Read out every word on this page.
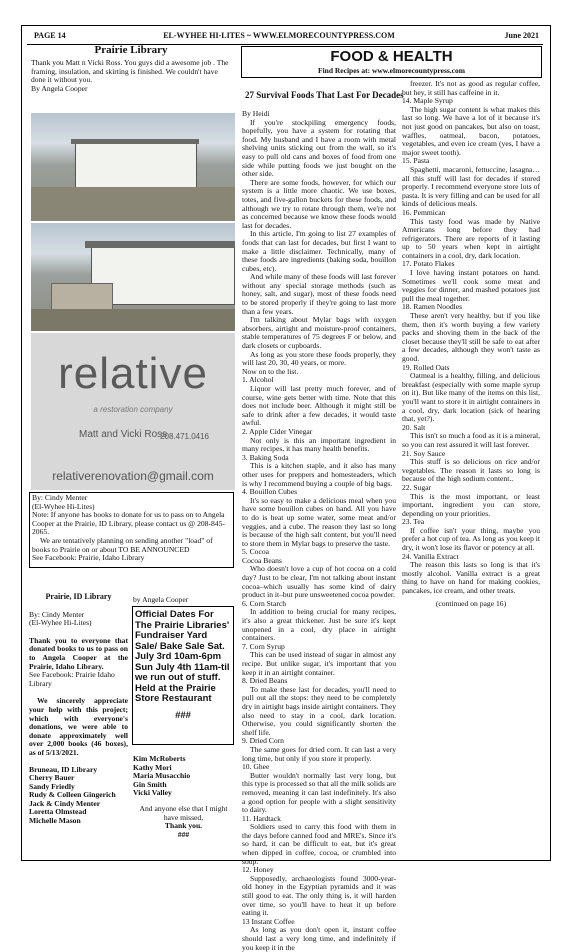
PAGE 14	EL-WYHEE HI-LITES ~ WWW.ELMORECOUNTYPRESS.COM	June 2021
Prairie Library

Thank you Matt n Vicki Ross. You guys did a awesome job . The framing, insulation, and skirting is finished. We couldn't have done it without you.

By Angela Cooper

relative
a restoration company
Matt and Vicki Ross
208.471.0416
relativerenovation@gmail.com

By: Cindy Menter

(El-Wyhee Hi-Lites)

Note: If anyone has books to donate for us to pass on to Angela Cooper at the Prairie, ID Library, please contact us @ 208-845-2065.

We are tentatively planning on sending another "load" of books to Prairie on or about TO BE ANNOUNCED

See Facebook: Prairie, Idaho Library

Prairie, ID Library

By: Cindy Menter

(El-Wyhee Hi-Lites)

Thank you to everyone that donated books to us to pass on to Angela Cooper at the Prairie, Idaho Library.

See Facebook: Prairie Idaho Library

We sincerely appreciate your help with this project; which with everyone's donations, we were able to donate approximately well over 2,000 books (46 boxes), as of 5/13/2021.

Bruneau, ID Library

Cherry Bauer

Sandy Friedly

Rudy & Colleen Gingerich

Jack & Cindy Menter

Loretta Olmstead

Michelle Mason

by Angela Cooper

Official Dates For The Prairie Libraries' Fundraiser Yard Sale/ Bake Sale Sat. July 3rd 10am-6pm Sun July 4th 11am-til we run out of stuff. Held at the Prairie Store Restaurant

###

Kim McRoberts

Kathy Mori

Maria Musacchio

Gin Smith

Vicki Valley

And anyone else that I might have missed,

Thank you.

###

FOOD & HEALTH
Find Recipes at: www.elmorecountypress.com
27 Survival Foods That Last For Decades

By Heidi

If you're stockpiling emergency foods, hopefully, you have a system for rotating that food. My husband and I have a room with metal shelving units sticking out from the wall, so it's easy to pull old cans and boxes of food from one side while putting foods we just bought on the other side.

There are some foods, however, for which our system is a little more chaotic. We use boxes, totes, and five-gallon buckets for these foods, and although we try to rotate through them, we're not as concerned because we know these foods would last for decades.

In this article, I'm going to list 27 examples of foods that can last for decades, but first I want to make a little disclaimer. Technically, many of these foods are ingredients (baking soda, bouillon cubes, etc).

And while many of these foods will last forever without any special storage methods (such as honey, salt, and sugar), most of these foods need to be stored properly if they're going to last more than a few years.

I'm talking about Mylar bags with oxygen absorbers, airtight and moisture-proof containers, stable temperatures of 75 degrees F or below, and dark closets or cupboards.

As long as you store these foods properly, they will last 20, 30, 40 years, or more.

Now on to the list.

1. Alcohol

Liquor will last pretty much forever, and of course, wine gets better with time. Note that this does not include beer. Although it might still be safe to drink after a few decades, it would taste awful.

2. Apple Cider Vinegar

Not only is this an important ingredient in many recipes, it has many health benefits.

3. Baking Soda

This is a kitchen staple, and it also has many other uses for preppers and homesteaders, which is why I recommend buying a couple of big bags.

4. Bouillon Cubes

It's so easy to make a delicious meal when you have some bouillon cubes on hand. All you have to do is heat up some water, some meat and/or veggies, and a cube. The reason they last so long is because of the high salt content, but you'll need to store them in Mylar bags to preserve the taste.

5. Cocoa

Cocoa Beans

Who doesn't love a cup of hot cocoa on a cold day? Just to be clear, I'm not talking about instant cocoa–which usually has some kind of dairy product in it–but pure unsweetened cocoa powder.

6. Corn Starch

In addition to being crucial for many recipes, it's also a great thickener. Just be sure it's kept unopened in a cool, dry place in airtight containers.

7. Corn Syrup

This can be used instead of sugar in almost any recipe. But unlike sugar, it's important that you keep it in an airtight container.

8. Dried Beans

To make these last for decades, you'll need to pull out all the stops: they need to be completely dry in airtight bags inside airtight containers. They also need to stay in a cool, dark location. Otherwise, you could significantly shorten the shelf life.

9. Dried Corn

The same goes for dried corn. It can last a very long time, but only if you store it properly.

10. Ghee

Butter wouldn't normally last very long, but this type is processed so that all the milk solids are removed, meaning it can last indefinitely. It's also a good option for people with a slight sensitivity to dairy.

11. Hardtack

Soldiers used to carry this food with them in the days before canned food and MRE's. Since it's so hard, it can be difficult to eat, but it's great when dipped in coffee, cocoa, or crumbled into soup.

12. Honey

Supposedly, archaeologists found 3000-year-old honey in the Egyptian pyramids and it was still good to eat. The only thing is, it will harden over time, so you'll have to heat it up before eating it.

13 Instant Coffee

As long as you don't open it, instant coffee should last a very long time, and indefinitely if you keep it in the

freezer. It's not as good as regular coffee, but hey, it still has caffeine in it.

14. Maple Syrup

The high sugar content is what makes this last so long. We have a lot of it because it's not just good on pancakes, but also on toast, waffles, oatmeal, bacon, potatoes, vegetables, and even ice cream (yes, I have a major sweet tooth).

15. Pasta

Spaghetti, macaroni, fettuccine, lasagna… all this stuff will last for decades if stored properly. I recommend everyone store lots of pasta. It is very filling and can be used for all kinds of delicious meals.

16. Pemmican

This tasty food was made by Native Americans long before they had refrigerators. There are reports of it lasting up to 50 years when kept in airtight containers in a cool, dry, dark location.

17. Potato Flakes

I love having instant potatoes on hand. Sometimes we'll cook some meat and veggies for dinner, and mashed potatoes just pull the meal together.

18. Ramen Noodles

These aren't very healthy, but if you like them, then it's worth buying a few variety packs and shoving them in the back of the closet because they'll still be safe to eat after a few decades, although they won't taste as good.

19. Rolled Oats

Oatmeal is a healthy, filling, and delicious breakfast (especially with some maple syrup on it). But like many of the items on this list, you'll want to store it in airtight containers in a cool, dry, dark location (sick of hearing that, yet?).

20. Salt

This isn't so much a food as it is a mineral, so you can rest assured it will last forever.

21. Soy Sauce

This stuff is so delicious on rice and/or vegetables. The reason it lasts so long is because of the high sodium content..

22. Sugar

This is the most important, or least important, ingredient you can store, depending on your priorities.

23. Tea

If coffee isn't your thing, maybe you prefer a hot cup of tea. As long as you keep it dry, it won't lose its flavor or potency at all.

24. Vanilla Extract

The reason this lasts so long is that it's mostly alcohol. Vanilla extract is a great thing to have on hand for making cookies, pancakes, ice cream, and other treats.

(continued on page 16)
